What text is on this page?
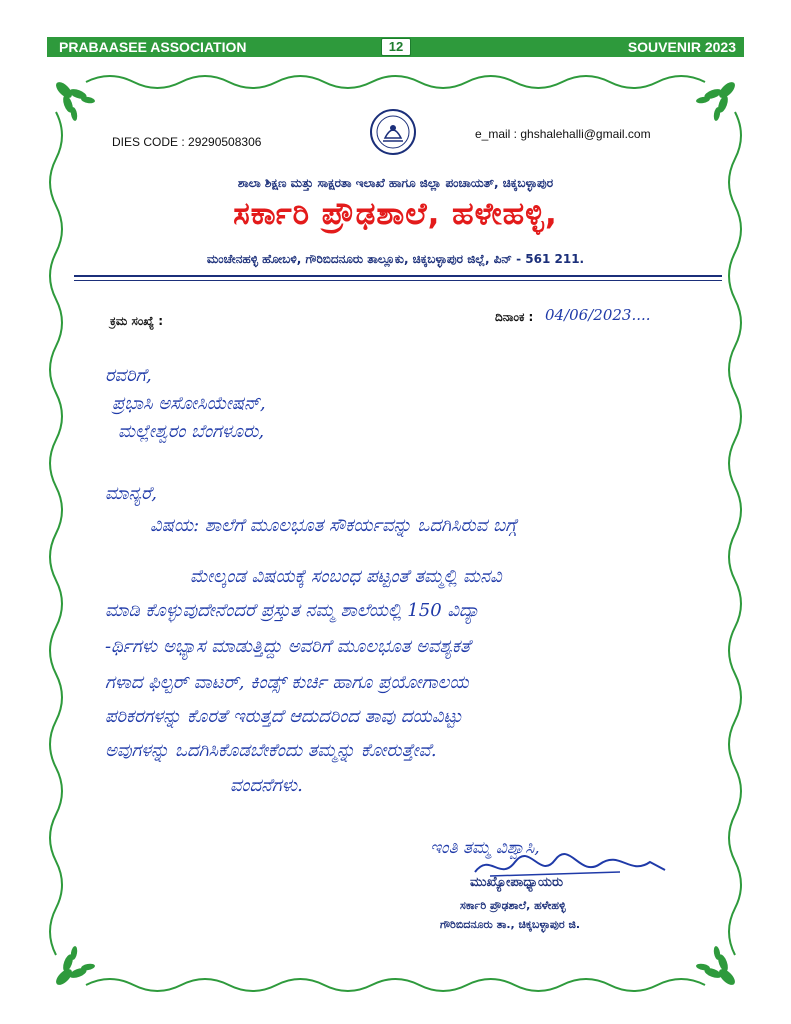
PRABAASEE ASSOCIATION	12	SOUVENIR 2023
DIES CODE : 29290508306
e_mail : ghshalehalli@gmail.com
ಶಾಲಾ ಶಿಕ್ಷಣ ಮತ್ತು ಸಾಕ್ಷರತಾ ಇಲಾಖೆ ಹಾಗೂ ಜಿಲ್ಲಾ ಪಂಚಾಯತ್, ಚಿಕ್ಕಬಳ್ಳಾಪುರ
ಸರ್ಕಾರಿ ಪ್ರೌಢಶಾಲೆ, ಹಳೇಹಳ್ಳಿ,
ಮಂಚೇನಹಳ್ಳಿ ಹೋಬಳಿ, ಗೌರಿಬಿದನೂರು ತಾಲ್ಲೂಕು, ಚಿಕ್ಕಬಳ್ಳಾಪುರ ಜಿಲ್ಲೆ, ಪಿನ್ - 561 211.
ಕ್ರಮ ಸಂಖ್ಯೆ :	ದಿನಾಂಕ : 04/06/2023....
ರವರಿಗೆ,
ಪ್ರಭಾಸಿ ಅಸೋಸಿಯೇಷನ್,
ಮಲ್ಲೇಶ್ವರಂ ಬೆಂಗಳೂರು,
ಮಾನ್ಯರೆ,
ವಿಷಯ: ಶಾಲೆಗೆ ಮೂಲಭೂತ ಸೌಕರ್ಯವನ್ನು ಒದಗಿಸಿರುವ ಬಗ್ಗೆ
ಮೇಲ್ಕಂಡ ವಿಷಯಕ್ಕೆ ಸಂಬಂಧ ಪಟ್ಟಂತೆ ತಮ್ಮಲ್ಲಿ ಮನವಿ
ಮಾಡಿ ಕೊಳ್ಳುವುದೇನೆಂದರೆ ಪ್ರಸ್ತುತ ನಮ್ಮ ಶಾಲೆಯಲ್ಲಿ 150 ವಿದ್ಯಾ
-ರ್ಥಿಗಳು ಅಭ್ಯಾಸ ಮಾಡುತ್ತಿದ್ದು ಅವರಿಗೆ ಮೂಲಭೂತ ಅವಶ್ಯಕತೆ
ಗಳಾದ ಫಿಲ್ಟರ್ ವಾಟರ್, ಕಿಂಡ್ಸ್ ಕುರ್ಚಿ ಹಾಗೂ ಪ್ರಯೋಗಾಲಯ
ಪರಿಕರಗಳನ್ನು ಕೊರತೆ ಇರುತ್ತದೆ ಆದುದರಿಂದ ತಾವು ದಯವಿಟ್ಟು
ಅವುಗಳನ್ನು ಒದಗಿಸಿಕೊಡಬೇಕೆಂದು ತಮ್ಮನ್ನು ಕೋರುತ್ತೇವೆ.
ವಂದನೆಗಳು.
ಇಂತಿ ತಮ್ಮ ವಿಶ್ವಾಸಿ,
ಮುಖ್ಯೋಪಾಧ್ಯಾಯರು
ಸರ್ಕಾರಿ ಪ್ರೌಢಶಾಲೆ, ಹಳೇಹಳ್ಳಿ
ಗೌರಿಬಿದನೂರು ತಾ., ಚಿಕ್ಕಬಳ್ಳಾಪುರ ಜಿ.
